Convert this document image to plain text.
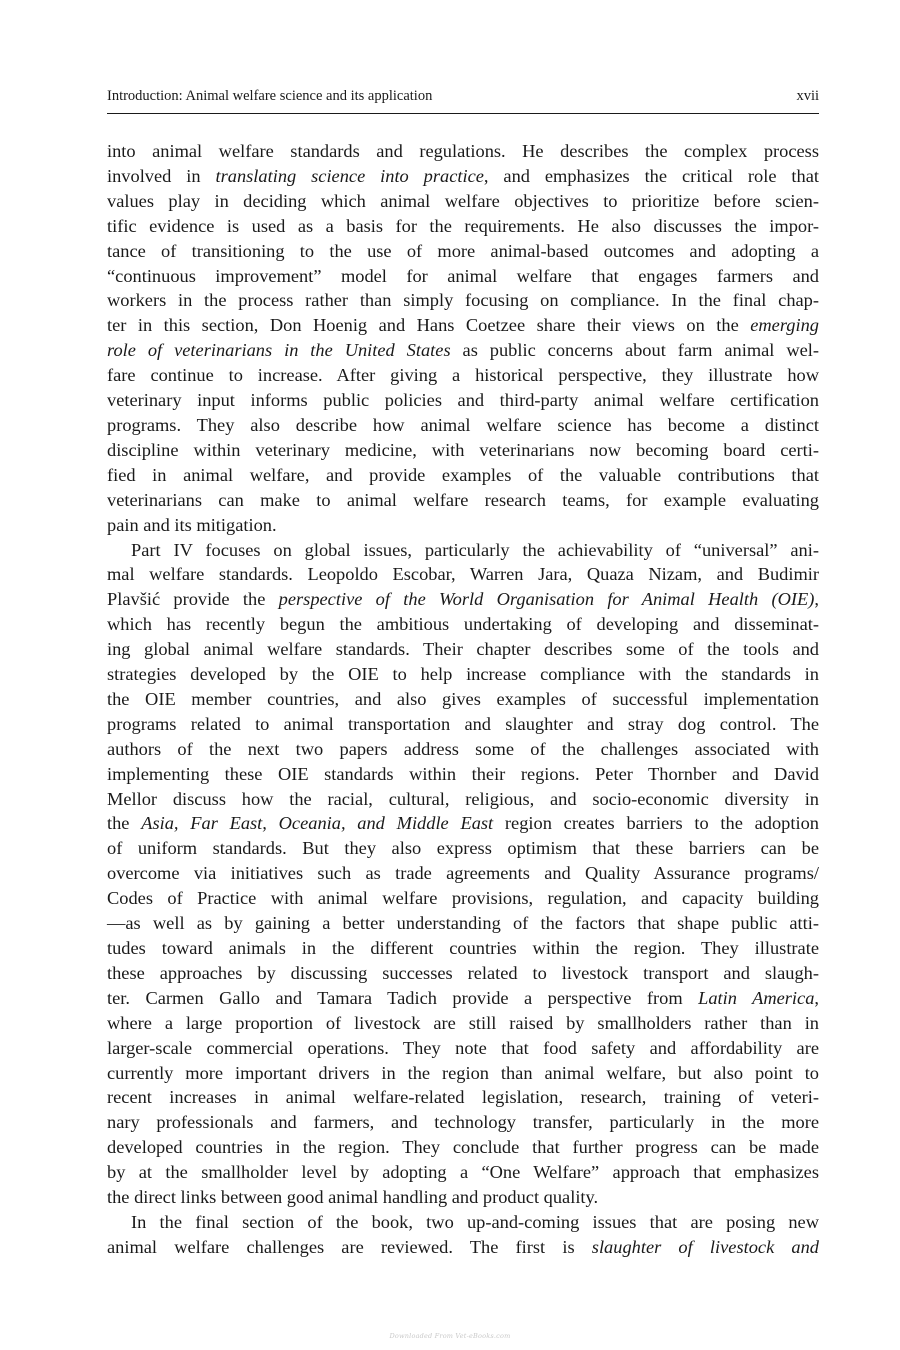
Introduction: Animal welfare science and its application	xvii

into animal welfare standards and regulations. He describes the complex process
involved in translating science into practice, and emphasizes the critical role that
values play in deciding which animal welfare objectives to prioritize before scien-
tific evidence is used as a basis for the requirements. He also discusses the impor-
tance of transitioning to the use of more animal-based outcomes and adopting a
“continuous improvement” model for animal welfare that engages farmers and
workers in the process rather than simply focusing on compliance. In the final chap-
ter in this section, Don Hoenig and Hans Coetzee share their views on the emerging
role of veterinarians in the United States as public concerns about farm animal wel-
fare continue to increase. After giving a historical perspective, they illustrate how
veterinary input informs public policies and third-party animal welfare certification
programs. They also describe how animal welfare science has become a distinct
discipline within veterinary medicine, with veterinarians now becoming board certi-
fied in animal welfare, and provide examples of the valuable contributions that
veterinarians can make to animal welfare research teams, for example evaluating
pain and its mitigation.

Part IV focuses on global issues, particularly the achievability of “universal” ani-
mal welfare standards. Leopoldo Escobar, Warren Jara, Quaza Nizam, and Budimir
Plavšić provide the perspective of the World Organisation for Animal Health (OIE),
which has recently begun the ambitious undertaking of developing and disseminat-
ing global animal welfare standards. Their chapter describes some of the tools and
strategies developed by the OIE to help increase compliance with the standards in
the OIE member countries, and also gives examples of successful implementation
programs related to animal transportation and slaughter and stray dog control. The
authors of the next two papers address some of the challenges associated with
implementing these OIE standards within their regions. Peter Thornber and David
Mellor discuss how the racial, cultural, religious, and socio-economic diversity in
the Asia, Far East, Oceania, and Middle East region creates barriers to the adoption
of uniform standards. But they also express optimism that these barriers can be
overcome via initiatives such as trade agreements and Quality Assurance programs/
Codes of Practice with animal welfare provisions, regulation, and capacity building
—as well as by gaining a better understanding of the factors that shape public atti-
tudes toward animals in the different countries within the region. They illustrate
these approaches by discussing successes related to livestock transport and slaugh-
ter. Carmen Gallo and Tamara Tadich provide a perspective from Latin America,
where a large proportion of livestock are still raised by smallholders rather than in
larger-scale commercial operations. They note that food safety and affordability are
currently more important drivers in the region than animal welfare, but also point to
recent increases in animal welfare-related legislation, research, training of veteri-
nary professionals and farmers, and technology transfer, particularly in the more
developed countries in the region. They conclude that further progress can be made
by at the smallholder level by adopting a “One Welfare” approach that emphasizes
the direct links between good animal handling and product quality.

In the final section of the book, two up-and-coming issues that are posing new
animal welfare challenges are reviewed. The first is slaughter of livestock and

Downloaded From Vet-eBooks.com
